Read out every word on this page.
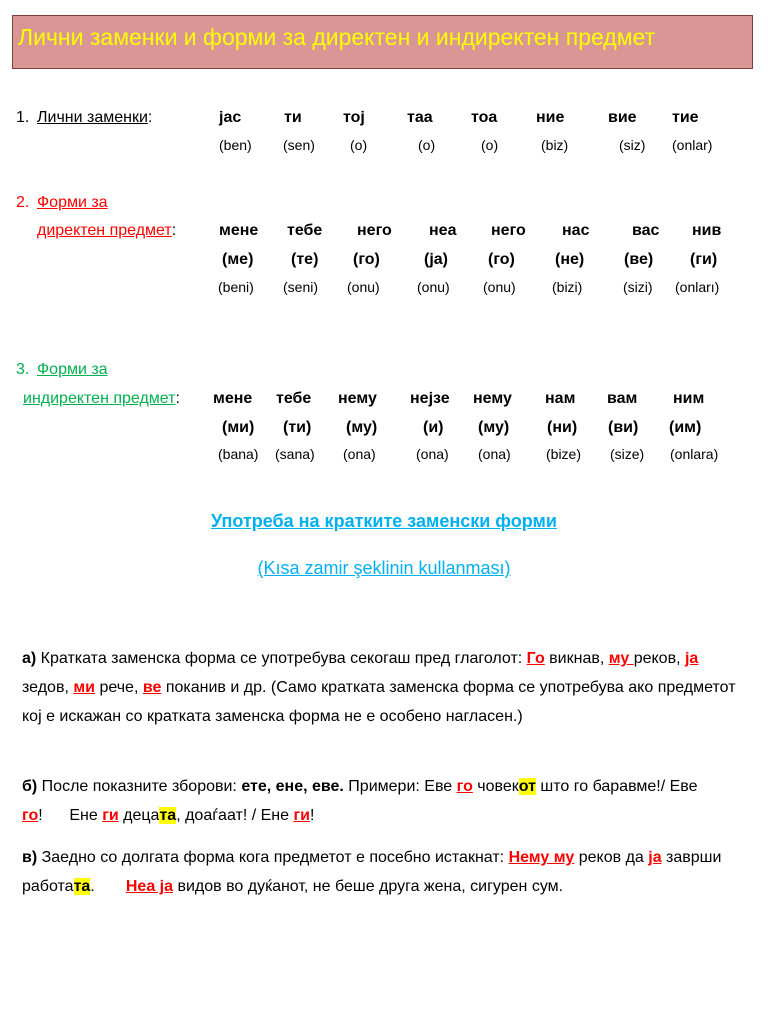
Лични заменки и форми за директен и индиректен предмет
1. Лични заменки:	јас	ти	тој	таа тоа ние	вие тие
(ben) (sen)	(o)	(o)	(o)	(biz)	(siz) (onlar)
2. Форми за
директен предмет:	мене тебе него неа него нас	вас нив
(ме) (те) (го)	(ја)	(го)	(не) (ве) (ги)
(beni) (seni) (onu)	(onu) (onu)	(bizi)	(sizi) (onları)
3. Форми за
индиректен предмет: мене тебе нему нејзе нему нам вам ним
(ми) (ти) (му)	(и) (му) (ни) (ви) (им)
(bana) (sana) (ona)	(ona) (ona)	(bize) (size) (onlara)
Употреба на кратките заменски форми
(Kısa zamir şeklinin kullanması)
а) Кратката заменска форма се употребува секогаш пред глаголот: Го викнав, му реков, ја зедов, ми рече, ве поканив и др. (Само кратката заменска форма се употребува ако предметот кој е искажан со кратката заменска форма не е особено нагласен.)
б) После показните зборови: ете, ене, еве. Примери: Еве го човекот што го баравме!/ Еве го!      Ене ги децата, доаѓаат! / Ене ги!
в) Заедно со долгата форма кога предметот е посебно истакнат: Нему му реков да ја заврши работата.       Неа ја видов во дуќанот, не беше друга жена, сигурен сум.
